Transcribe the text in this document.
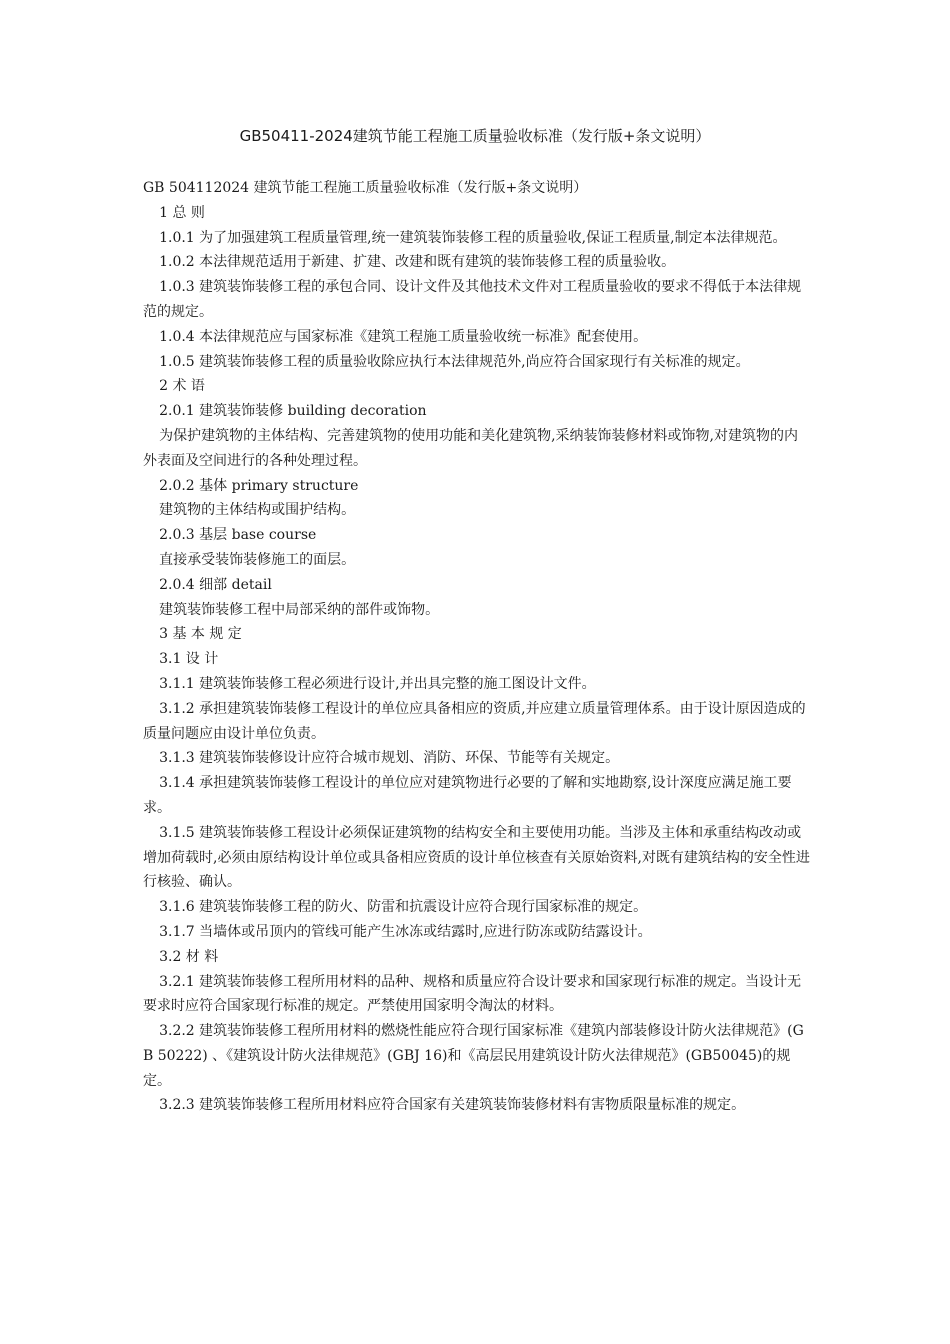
GB50411-2024建筑节能工程施工质量验收标准（发行版+条文说明）

GB 504112024 建筑节能工程施工质量验收标准（发行版+条文说明）

1 总 则

1.0.1 为了加强建筑工程质量管理,统一建筑装饰装修工程的质量验收,保证工程质量,制定本法律规范。

1.0.2 本法律规范适用于新建、扩建、改建和既有建筑的装饰装修工程的质量验收。

1.0.3 建筑装饰装修工程的承包合同、设计文件及其他技术文件对工程质量验收的要求不得低于本法律规范的规定。

1.0.4 本法律规范应与国家标准《建筑工程施工质量验收统一标准》配套使用。

1.0.5 建筑装饰装修工程的质量验收除应执行本法律规范外,尚应符合国家现行有关标准的规定。

2 术 语

2.0.1 建筑装饰装修 building decoration

为保护建筑物的主体结构、完善建筑物的使用功能和美化建筑物,采纳装饰装修材料或饰物,对建筑物的内外表面及空间进行的各种处理过程。

2.0.2 基体 primary structure

建筑物的主体结构或围护结构。

2.0.3 基层 base course

直接承受装饰装修施工的面层。

2.0.4 细部 detail

建筑装饰装修工程中局部采纳的部件或饰物。

3 基 本 规 定

3.1 设 计

3.1.1 建筑装饰装修工程必须进行设计,并出具完整的施工图设计文件。

3.1.2 承担建筑装饰装修工程设计的单位应具备相应的资质,并应建立质量管理体系。由于设计原因造成的质量问题应由设计单位负责。

3.1.3 建筑装饰装修设计应符合城市规划、消防、环保、节能等有关规定。

3.1.4 承担建筑装饰装修工程设计的单位应对建筑物进行必要的了解和实地勘察,设计深度应满足施工要求。

3.1.5 建筑装饰装修工程设计必须保证建筑物的结构安全和主要使用功能。当涉及主体和承重结构改动或增加荷载时,必须由原结构设计单位或具备相应资质的设计单位核查有关原始资料,对既有建筑结构的安全性进行核验、确认。

3.1.6 建筑装饰装修工程的防火、防雷和抗震设计应符合现行国家标准的规定。

3.1.7 当墙体或吊顶内的管线可能产生冰冻或结露时,应进行防冻或防结露设计。

3.2 材 料

3.2.1 建筑装饰装修工程所用材料的品种、规格和质量应符合设计要求和国家现行标准的规定。当设计无要求时应符合国家现行标准的规定。严禁使用国家明令淘汰的材料。

3.2.2 建筑装饰装修工程所用材料的燃烧性能应符合现行国家标准《建筑内部装修设计防火法律规范》(GB 50222) 、《建筑设计防火法律规范》(GBJ 16)和《高层民用建筑设计防火法律规范》(GB50045)的规定。

3.2.3 建筑装饰装修工程所用材料应符合国家有关建筑装饰装修材料有害物质限量标准的规定。
